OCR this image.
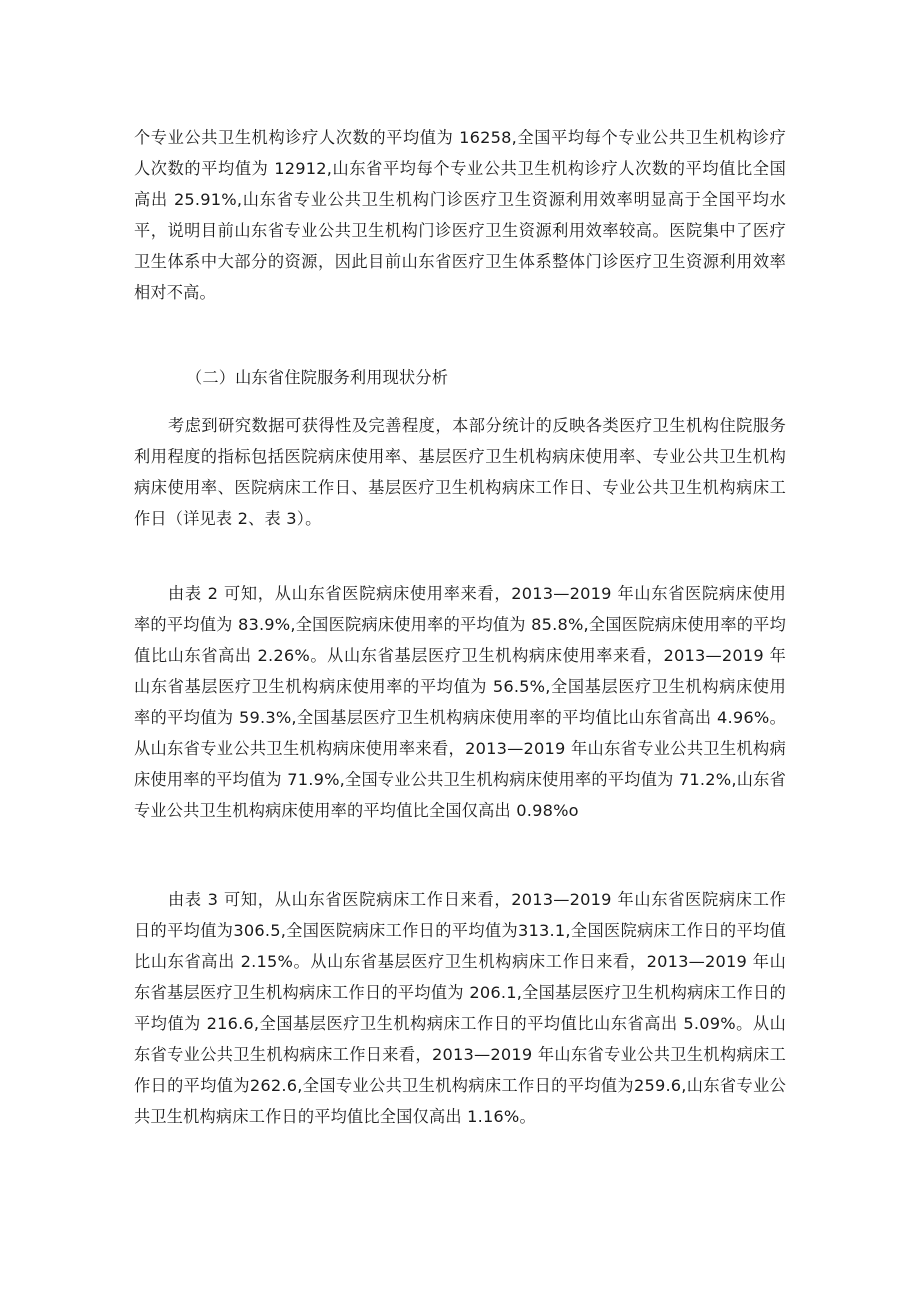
个专业公共卫生机构诊疗人次数的平均值为 16258,全国平均每个专业公共卫生机构诊疗人次数的平均值为 12912,山东省平均每个专业公共卫生机构诊疗人次数的平均值比全国高出 25.91%,山东省专业公共卫生机构门诊医疗卫生资源利用效率明显高于全国平均水平，说明目前山东省专业公共卫生机构门诊医疗卫生资源利用效率较高。医院集中了医疗卫生体系中大部分的资源，因此目前山东省医疗卫生体系整体门诊医疗卫生资源利用效率相对不高。

（二）山东省住院服务利用现状分析

考虑到研究数据可获得性及完善程度，本部分统计的反映各类医疗卫生机构住院服务利用程度的指标包括医院病床使用率、基层医疗卫生机构病床使用率、专业公共卫生机构病床使用率、医院病床工作日、基层医疗卫生机构病床工作日、专业公共卫生机构病床工作日（详见表 2、表 3）。

由表 2 可知，从山东省医院病床使用率来看，2013—2019 年山东省医院病床使用率的平均值为 83.9%,全国医院病床使用率的平均值为 85.8%,全国医院病床使用率的平均值比山东省高出 2.26%。从山东省基层医疗卫生机构病床使用率来看，2013—2019 年山东省基层医疗卫生机构病床使用率的平均值为 56.5%,全国基层医疗卫生机构病床使用率的平均值为 59.3%,全国基层医疗卫生机构病床使用率的平均值比山东省高出 4.96%。从山东省专业公共卫生机构病床使用率来看，2013—2019 年山东省专业公共卫生机构病床使用率的平均值为 71.9%,全国专业公共卫生机构病床使用率的平均值为 71.2%,山东省专业公共卫生机构病床使用率的平均值比全国仅高出 0.98%o

由表 3 可知，从山东省医院病床工作日来看，2013—2019 年山东省医院病床工作日的平均值为306.5,全国医院病床工作日的平均值为313.1,全国医院病床工作日的平均值比山东省高出 2.15%。从山东省基层医疗卫生机构病床工作日来看，2013—2019 年山东省基层医疗卫生机构病床工作日的平均值为 206.1,全国基层医疗卫生机构病床工作日的平均值为 216.6,全国基层医疗卫生机构病床工作日的平均值比山东省高出 5.09%。从山东省专业公共卫生机构病床工作日来看，2013—2019 年山东省专业公共卫生机构病床工作日的平均值为262.6,全国专业公共卫生机构病床工作日的平均值为259.6,山东省专业公共卫生机构病床工作日的平均值比全国仅高出 1.16%。
